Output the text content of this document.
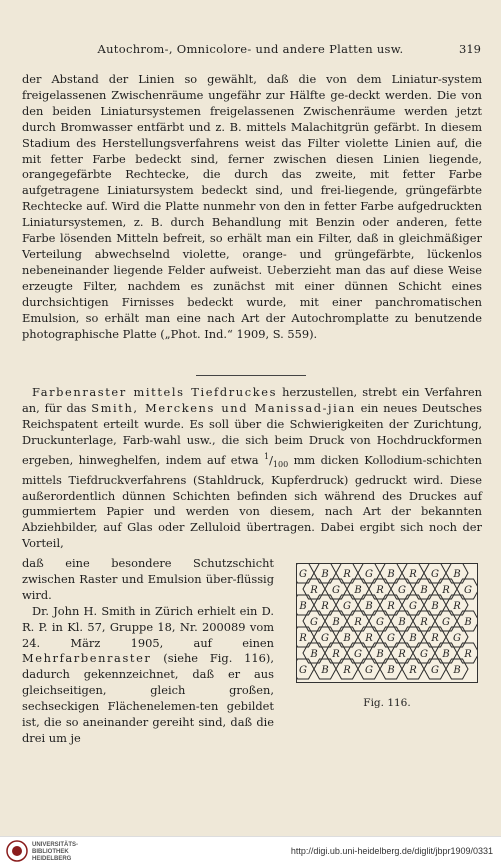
Autochrom-, Omnicolore- und andere Platten usw.	319

der Abstand der Linien so gewählt, daß die von dem Liniatur-system freigelassenen Zwischenräume ungefähr zur Hälfte ge-deckt werden. Die von den beiden Liniatursystemen freigelassenen Zwischenräume werden jetzt durch Bromwasser entfärbt und z. B. mittels Malachitgrün gefärbt. In diesem Stadium des Herstellungsverfahrens weist das Filter violette Linien auf, die mit fetter Farbe bedeckt sind, ferner zwischen diesen Linien liegende, orangegefärbte Rechtecke, die durch das zweite, mit fetter Farbe aufgetragene Liniatursystem bedeckt sind, und frei-liegende, grüngefärbte Rechtecke auf. Wird die Platte nunmehr von den in fetter Farbe aufgedruckten Liniatursystemen, z. B. durch Behandlung mit Benzin oder anderen, fette Farbe lösenden Mitteln befreit, so erhält man ein Filter, daß in gleichmäßiger Verteilung abwechselnd violette, orange- und grüngefärbte, lückenlos nebeneinander liegende Felder aufweist. Ueberzieht man das auf diese Weise erzeugte Filter, nachdem es zunächst mit einer dünnen Schicht eines durchsichtigen Firnisses bedeckt wurde, mit einer panchromatischen Emulsion, so erhält man eine nach Art der Autochromplatte zu benutzende photographische Platte („Phot. Ind.“ 1909, S. 559).

Farbenraster mittels Tiefdruckes herzustellen, strebt ein Verfahren an, für das Smith, Merckens und Manissad-jian ein neues Deutsches Reichspatent erteilt wurde. Es soll über die Schwierigkeiten der Zurichtung, Druckunterlage, Farb-wahl usw., die sich beim Druck von Hochdruckformen ergeben, hinweghelfen, indem auf etwa $^1/_{100}$ mm dicken Kollodium-schichten mittels Tiefdruckverfahrens (Stahldruck, Kupferdruck) gedruckt wird. Diese außerordentlich dünnen Schichten befinden sich während des Druckes auf gummiertem Papier und werden von diesem, nach Art der bekannten Abziehbilder, auf Glas oder Zelluloid übertragen. Dabei ergibt sich noch der Vorteil,

daß eine besondere Schutzschicht zwischen Raster und Emulsion über-flüssig wird.

Dr. John H. Smith in Zürich erhielt ein D. R. P. in Kl. 57, Gruppe 18, Nr. 200089 vom 24. März 1905, auf einen Mehrfarbenraster (siehe Fig. 116), dadurch gekennzeichnet, daß er aus gleichseitigen, gleich großen, sechseckigen Flächenelemen-ten gebildet ist, die so aneinander gereiht sind, daß die drei um je

G B R G B R G B
R G B R G B R G
B R G B R G B R
G B R G B R G B
R G B R G B R G
B R G B R G B R
G B R G B R G B
Fig. 116.
UNIVERSITÄTS-
BIBLIOTHEK
HEIDELBERG
http://digi.ub.uni-heidelberg.de/diglit/jbpr1909/0331
